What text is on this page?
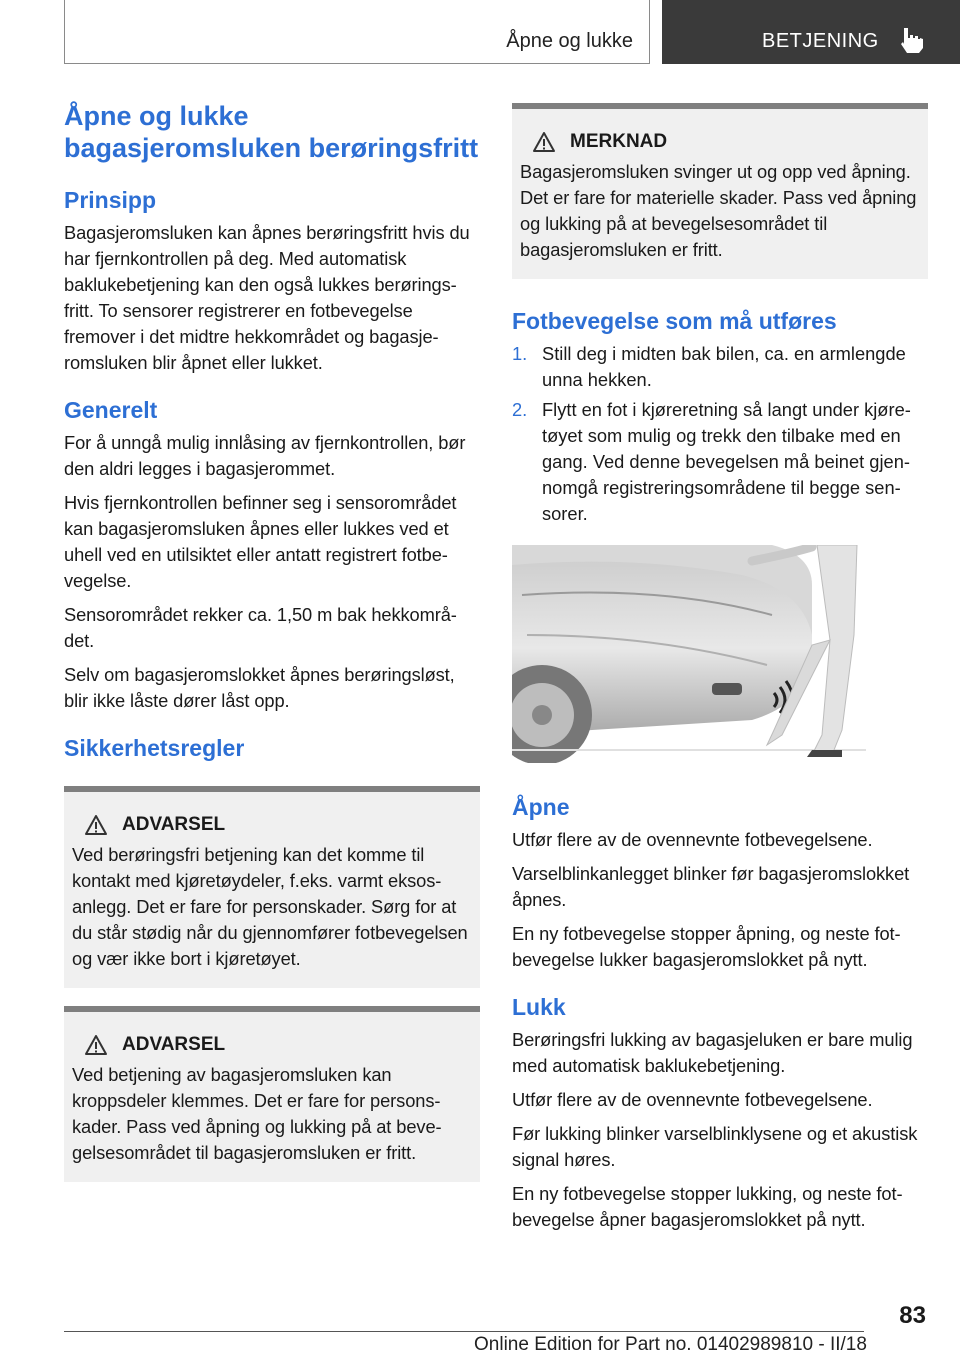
Åpne og lukke	BETJENING
Åpne og lukke bagasjeromsluken berøringsfritt
Prinsipp

Bagasjeromsluken kan åpnes berøringsfritt hvis du har fjernkontrollen på deg. Med automatisk baklukebetjening kan den også lukkes berøringsfritt. To sensorer registrerer en fotbevegelse fremover i det midtre hekkområdet og bagasjeromsluken blir åpnet eller lukket.

Generelt

For å unngå mulig innlåsing av fjernkontrollen, bør den aldri legges i bagasjerommet.

Hvis fjernkontrollen befinner seg i sensorområdet kan bagasjeromsluken åpnes eller lukkes ved et uhell ved en utilsiktet eller antatt registrert fotbevegelse.

Sensorområdet rekker ca. 1,50 m bak hekkområdet.

Selv om bagasjeromslokket åpnes berøringsløst, blir ikke låste dører låst opp.

Sikkerhetsregler
ADVARSEL

Ved berøringsfri betjening kan det komme til kontakt med kjøretøydeler, f.eks. varmt eksosanlegg. Det er fare for personskader. Sørg for at du står stødig når du gjennomfører fotbevegelsen og vær ikke bort i kjøretøyet.

ADVARSEL

Ved betjening av bagasjeromsluken kan kroppsdeler klemmes. Det er fare for personskader. Pass ved åpning og lukking på at bevegelsesområdet til bagasjeromsluken er fritt.

MERKNAD

Bagasjeromsluken svinger ut og opp ved åpning. Det er fare for materielle skader. Pass ved åpning og lukking på at bevegelsesområdet til bagasjeromsluken er fritt.

Fotbevegelse som må utføres
1. Still deg i midten bak bilen, ca. en armlengde unna hekken.
2. Flytt en fot i kjøreretning så langt under kjøretøyet som mulig og trekk den tilbake med en gang. Ved denne bevegelsen må beinet gjennomgå registreringsområdene til begge sensorer.
Åpne

Utfør flere av de ovennevnte fotbevegelsene.

Varselblinkanlegget blinker før bagasjeromslokket åpnes.

En ny fotbevegelse stopper åpning, og neste fotbevegelse lukker bagasjeromslokket på nytt.

Lukk

Berøringsfri lukking av bagasjeluken er bare mulig med automatisk baklukebetjening.

Utfør flere av de ovennevnte fotbevegelsene.

Før lukking blinker varselblinklysene og et akustisk signal høres.

En ny fotbevegelse stopper lukking, og neste fotbevegelse åpner bagasjeromslokket på nytt.

83
Online Edition for Part no. 01402989810 - II/18
